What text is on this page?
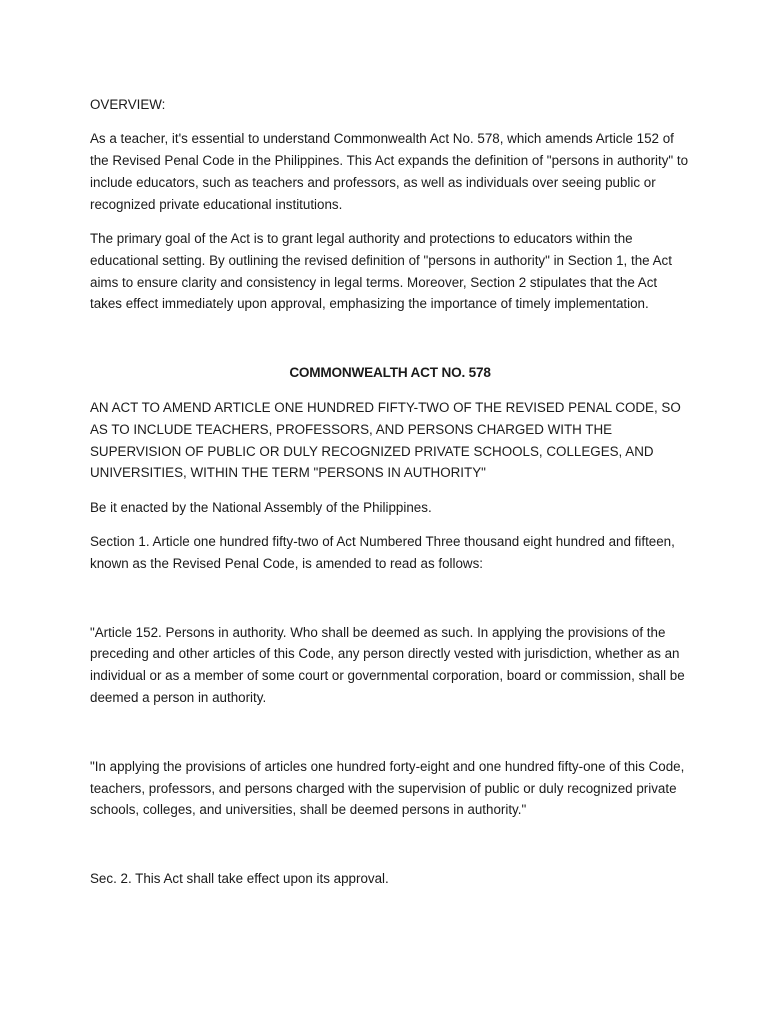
OVERVIEW:

As a teacher, it's essential to understand Commonwealth Act No. 578, which amends Article 152 of the Revised Penal Code in the Philippines. This Act expands the definition of "persons in authority" to include educators, such as teachers and professors, as well as individuals over seeing public or recognized private educational institutions.

The primary goal of the Act is to grant legal authority and protections to educators within the educational setting. By outlining the revised definition of "persons in authority" in Section 1, the Act aims to ensure clarity and consistency in legal terms. Moreover, Section 2 stipulates that the Act takes effect immediately upon approval, emphasizing the importance of timely implementation.

COMMONWEALTH ACT NO. 578

AN ACT TO AMEND ARTICLE ONE HUNDRED FIFTY-TWO OF THE REVISED PENAL CODE, SO AS TO INCLUDE TEACHERS, PROFESSORS, AND PERSONS CHARGED WITH THE SUPERVISION OF PUBLIC OR DULY RECOGNIZED PRIVATE SCHOOLS, COLLEGES, AND UNIVERSITIES, WITHIN THE TERM "PERSONS IN AUTHORITY"

Be it enacted by the National Assembly of the Philippines.

Section 1. Article one hundred fifty-two of Act Numbered Three thousand eight hundred and fifteen, known as the Revised Penal Code, is amended to read as follows:

"Article 152. Persons in authority. Who shall be deemed as such. In applying the provisions of the preceding and other articles of this Code, any person directly vested with jurisdiction, whether as an individual or as a member of some court or governmental corporation, board or commission, shall be deemed a person in authority.

"In applying the provisions of articles one hundred forty-eight and one hundred fifty-one of this Code, teachers, professors, and persons charged with the supervision of public or duly recognized private schools, colleges, and universities, shall be deemed persons in authority."

Sec. 2. This Act shall take effect upon its approval.
